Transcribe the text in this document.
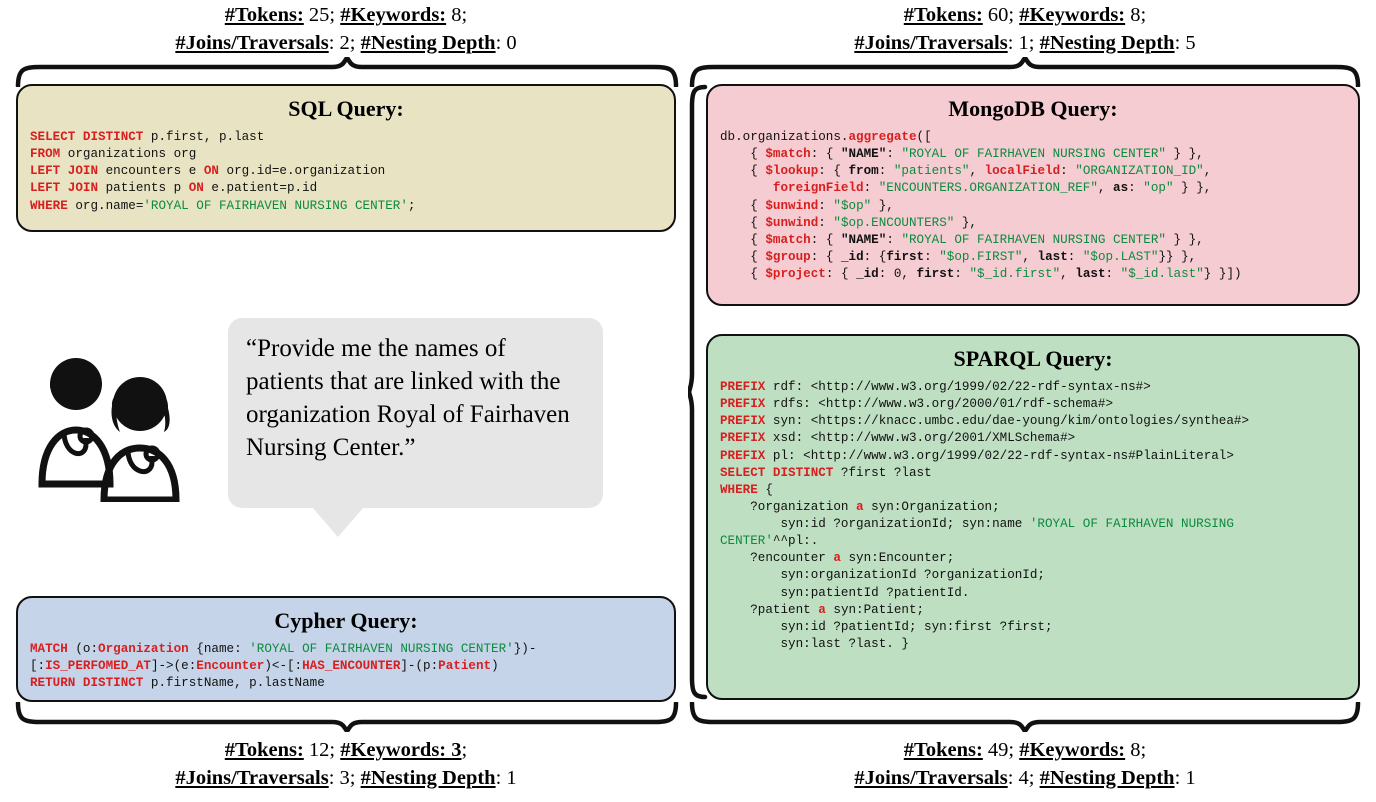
#Tokens: 25; #Keywords: 8;
#Joins/Traversals: 2; #Nesting Depth: 0
#Tokens: 60; #Keywords: 8;
#Joins/Traversals: 1; #Nesting Depth: 5
SQL Query:
SELECT DISTINCT p.first, p.last
FROM organizations org
LEFT JOIN encounters e ON org.id=e.organization
LEFT JOIN patients p ON e.patient=p.id
WHERE org.name='ROYAL OF FAIRHAVEN NURSING CENTER';
MongoDB Query:
db.organizations.aggregate([
{ $match: { "NAME": "ROYAL OF FAIRHAVEN NURSING CENTER" } },
{ $lookup: { from: "patients", localField: "ORGANIZATION_ID",
foreignField: "ENCOUNTERS.ORGANIZATION_REF", as: "op" } },
{ $unwind: "$op" },
{ $unwind: "$op.ENCOUNTERS" },
{ $match: { "NAME": "ROYAL OF FAIRHAVEN NURSING CENTER" } },
{ $group: { _id: {first: "$op.FIRST", last: "$op.LAST"}} },
{ $project: { _id: 0, first: "$_id.first", last: "$_id.last"} }])
SPARQL Query:
PREFIX rdf: <http://www.w3.org/1999/02/22-rdf-syntax-ns#>
PREFIX rdfs: <http://www.w3.org/2000/01/rdf-schema#>
PREFIX syn: <https://knacc.umbc.edu/dae-young/kim/ontologies/synthea#>
PREFIX xsd: <http://www.w3.org/2001/XMLSchema#>
PREFIX pl: <http://www.w3.org/1999/02/22-rdf-syntax-ns#PlainLiteral>
SELECT DISTINCT ?first ?last
WHERE {
?organization a syn:Organization;
syn:id ?organizationId; syn:name 'ROYAL OF FAIRHAVEN NURSING
CENTER'^^pl:.
?encounter a syn:Encounter;
syn:organizationId ?organizationId;
syn:patientId ?patientId.
?patient a syn:Patient;
syn:id ?patientId; syn:first ?first;
syn:last ?last. }
“Provide me the names of patients that are linked with the organization Royal of Fairhaven Nursing Center.”
Cypher Query:
MATCH (o:Organization {name: 'ROYAL OF FAIRHAVEN NURSING CENTER'})-
[:IS_PERFOMED_AT]->(e:Encounter)<-[:HAS_ENCOUNTER]-(p:Patient)
RETURN DISTINCT p.firstName, p.lastName
#Tokens: 12; #Keywords: 3;
#Joins/Traversals: 3; #Nesting Depth: 1
#Tokens: 49; #Keywords: 8;
#Joins/Traversals: 4; #Nesting Depth: 1
